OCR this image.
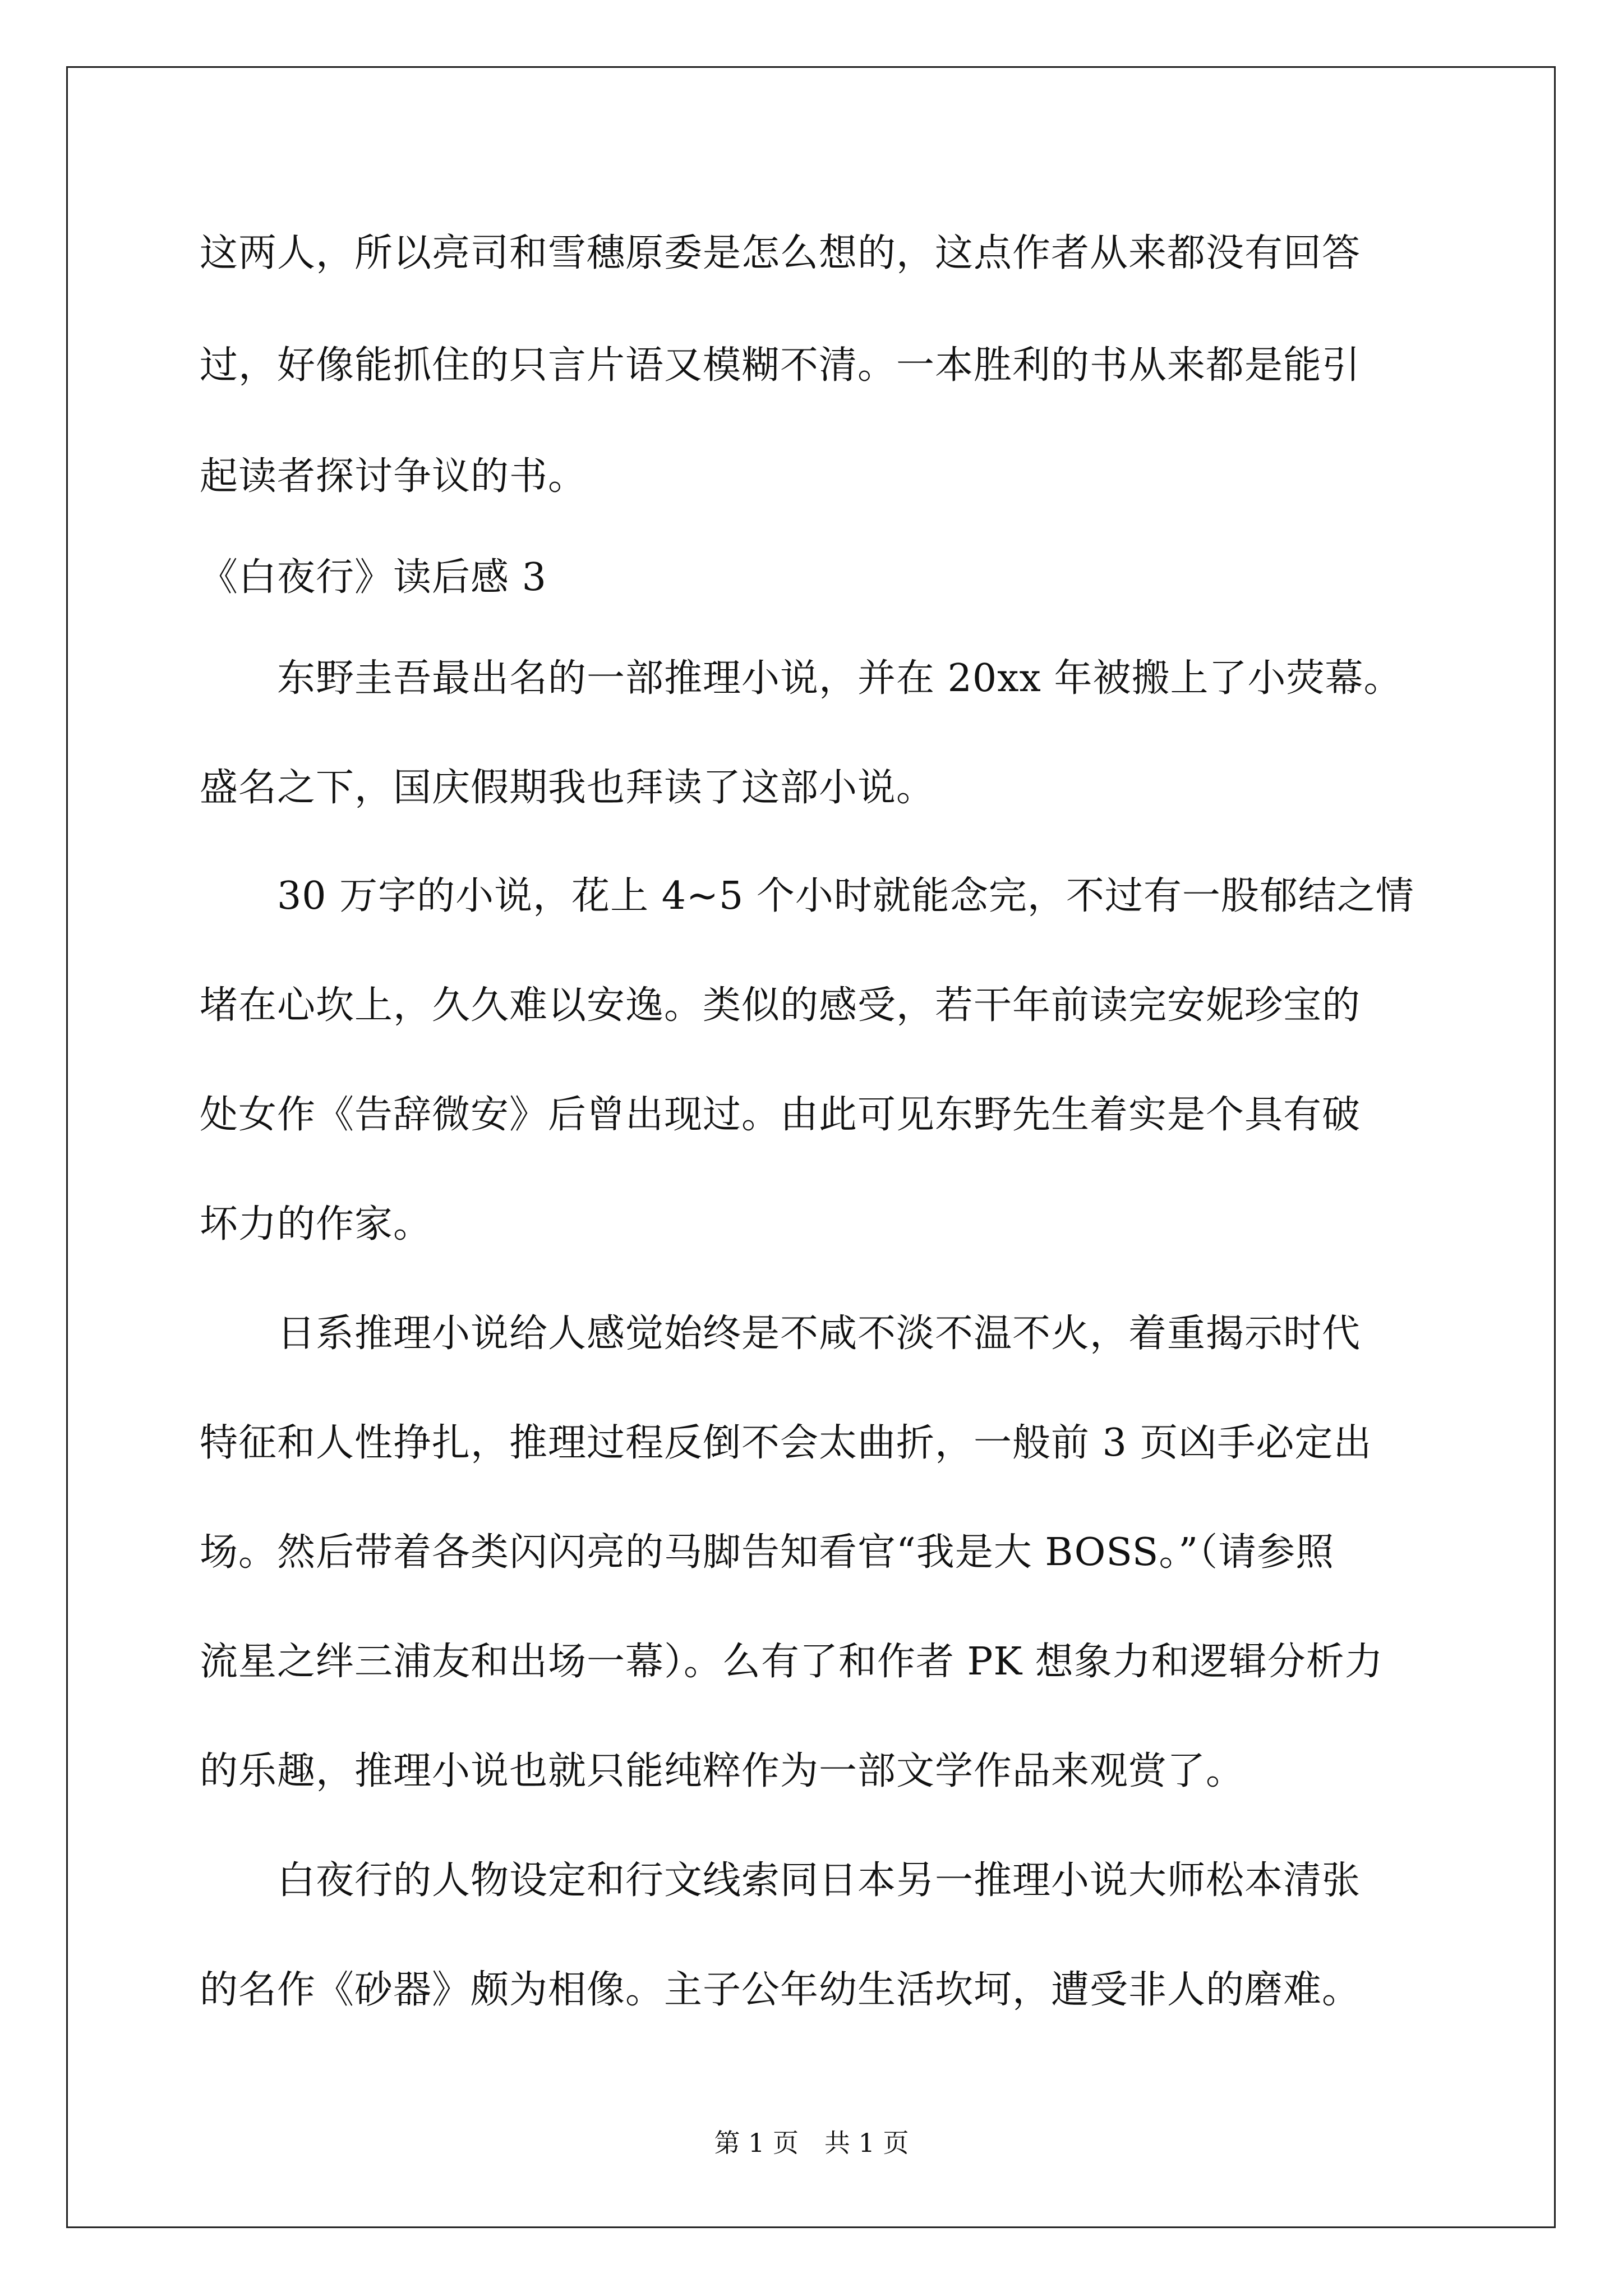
这两人，所以亮司和雪穗原委是怎么想的，这点作者从来都没有回答
过，好像能抓住的只言片语又模糊不清。一本胜利的书从来都是能引
起读者探讨争议的书。
《白夜行》读后感 3
　　东野圭吾最出名的一部推理小说，并在 20xx 年被搬上了小荧幕。
盛名之下，国庆假期我也拜读了这部小说。
　　30 万字的小说，花上 4~5 个小时就能念完，不过有一股郁结之情
堵在心坎上，久久难以安逸。类似的感受，若干年前读完安妮珍宝的
处女作《告辞微安》后曾出现过。由此可见东野先生着实是个具有破
坏力的作家。
　　日系推理小说给人感觉始终是不咸不淡不温不火，着重揭示时代
特征和人性挣扎，推理过程反倒不会太曲折，一般前 3 页凶手必定出
场。然后带着各类闪闪亮的马脚告知看官“我是大 BOSS。”（请参照
流星之绊三浦友和出场一幕）。么有了和作者 PK 想象力和逻辑分析力
的乐趣，推理小说也就只能纯粹作为一部文学作品来观赏了。
　　白夜行的人物设定和行文线索同日本另一推理小说大师松本清张
的名作《砂器》颇为相像。主子公年幼生活坎坷，遭受非人的磨难。
第 1 页 共 1 页
